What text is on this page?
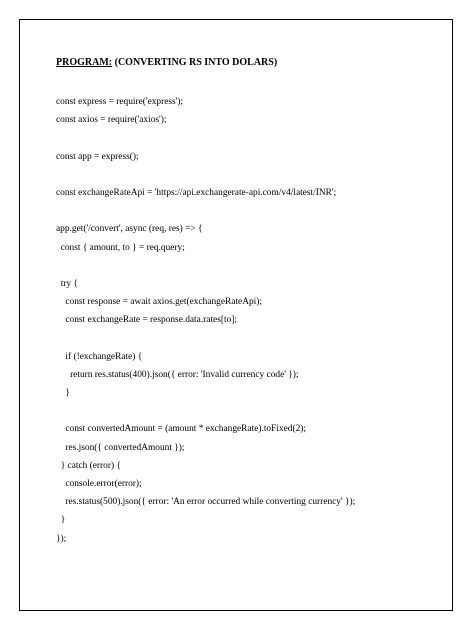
PROGRAM: (CONVERTING RS INTO DOLARS)
const express = require('express');
const axios = require('axios');
const app = express();
const exchangeRateApi = 'https://api.exchangerate-api.com/v4/latest/INR';
app.get('/convert', async (req, res) => {
const { amount, to } = req.query;
try {
const response = await axios.get(exchangeRateApi);
const exchangeRate = response.data.rates[to];
if (!exchangeRate) {
return res.status(400).json({ error: 'Invalid currency code' });
}
const convertedAmount = (amount * exchangeRate).toFixed(2);
res.json({ convertedAmount });
} catch (error) {
console.error(error);
res.status(500).json({ error: 'An error occurred while converting currency' });
}
});
